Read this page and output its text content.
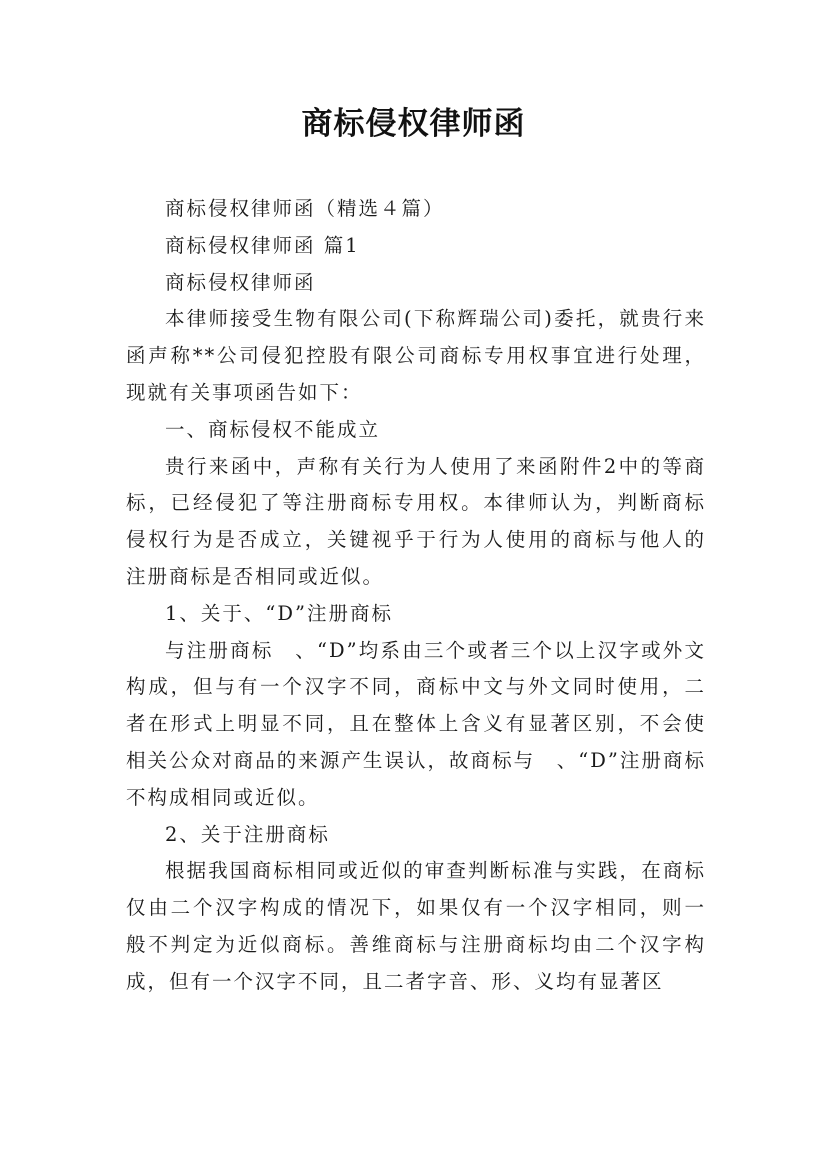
商标侵权律师函

商标侵权律师函（精选４篇）

商标侵权律师函 篇1

商标侵权律师函

本律师接受生物有限公司(下称辉瑞公司)委托，就贵行来函声称**公司侵犯控股有限公司商标专用权事宜进行处理，现就有关事项函告如下：

一、商标侵权不能成立

贵行来函中，声称有关行为人使用了来函附件2中的等商标，已经侵犯了等注册商标专用权。本律师认为，判断商标侵权行为是否成立，关键视乎于行为人使用的商标与他人的注册商标是否相同或近似。

1、关于、“D”注册商标

与注册商标　、“D”均系由三个或者三个以上汉字或外文构成，但与有一个汉字不同，商标中文与外文同时使用，二者在形式上明显不同，且在整体上含义有显著区别，不会使相关公众对商品的来源产生误认，故商标与　、“D”注册商标不构成相同或近似。

2、关于注册商标

根据我国商标相同或近似的审查判断标准与实践，在商标仅由二个汉字构成的情况下，如果仅有一个汉字相同，则一般不判定为近似商标。善维商标与注册商标均由二个汉字构成，但有一个汉字不同，且二者字音、形、义均有显著区
